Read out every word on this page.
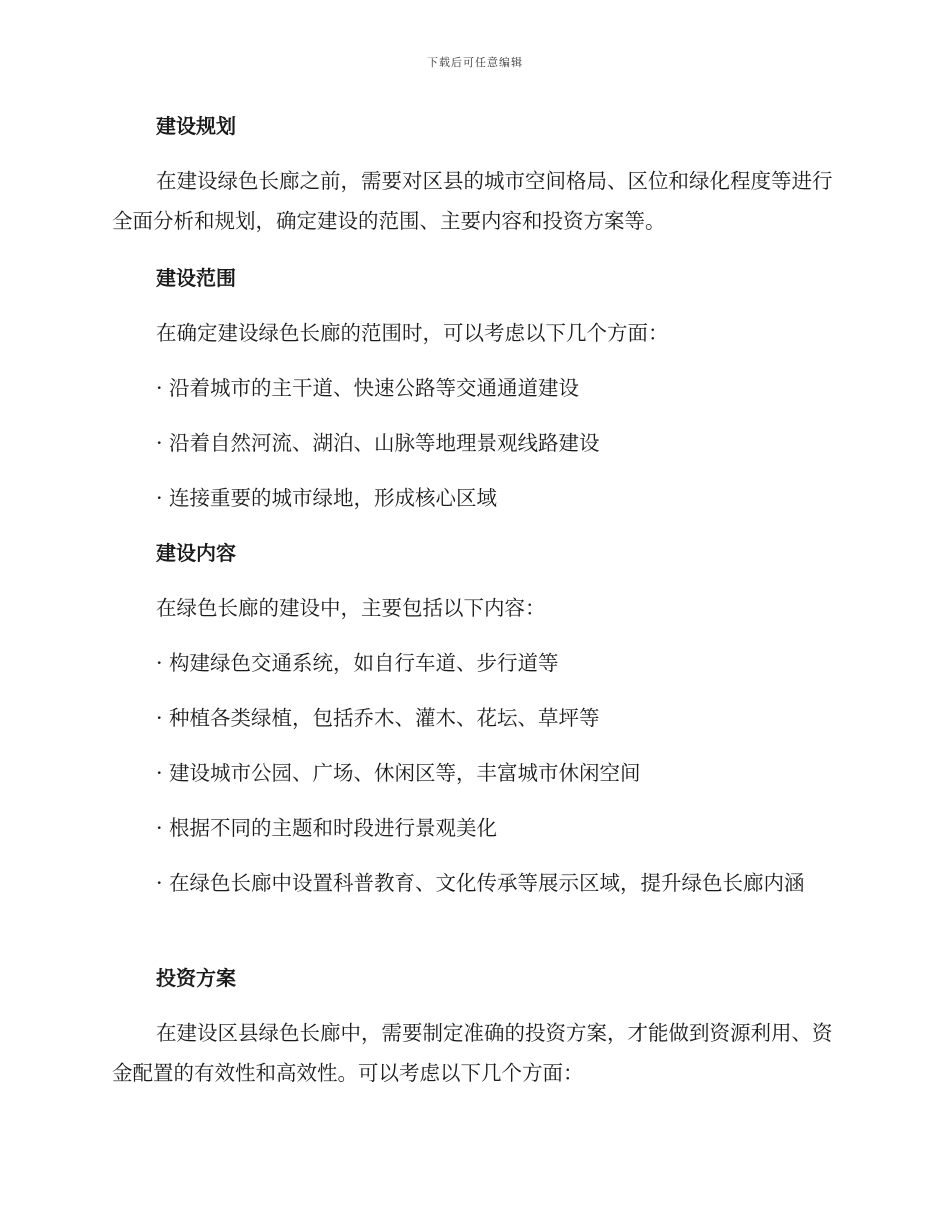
下载后可任意编辑
建设规划
在建设绿色长廊之前，需要对区县的城市空间格局、区位和绿化程度等进行全面分析和规划，确定建设的范围、主要内容和投资方案等。
建设范围
在确定建设绿色长廊的范围时，可以考虑以下几个方面：
· 沿着城市的主干道、快速公路等交通通道建设
· 沿着自然河流、湖泊、山脉等地理景观线路建设
· 连接重要的城市绿地，形成核心区域
建设内容
在绿色长廊的建设中，主要包括以下内容：
· 构建绿色交通系统，如自行车道、步行道等
· 种植各类绿植，包括乔木、灌木、花坛、草坪等
· 建设城市公园、广场、休闲区等，丰富城市休闲空间
· 根据不同的主题和时段进行景观美化
· 在绿色长廊中设置科普教育、文化传承等展示区域，提升绿色长廊内涵
投资方案
在建设区县绿色长廊中，需要制定准确的投资方案，才能做到资源利用、资金配置的有效性和高效性。可以考虑以下几个方面：
